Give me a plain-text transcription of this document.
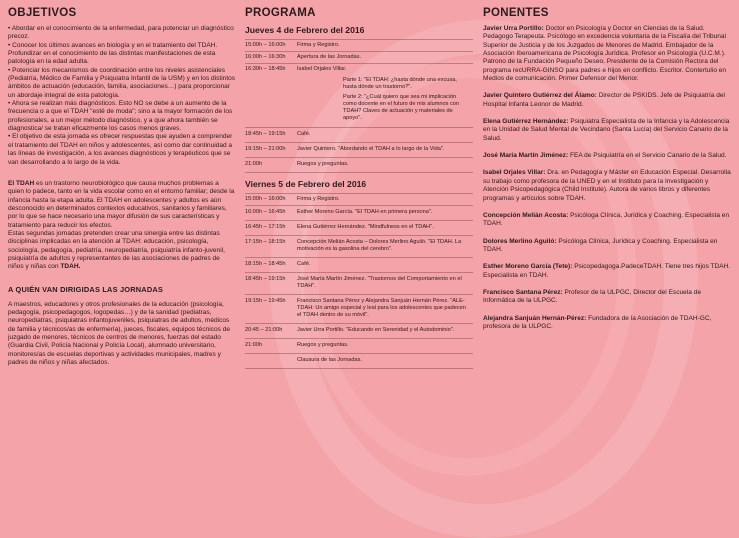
OBJETIVOS

• Abordar en el conocimiento de la enfermedad, para potenciar un diagnóstico precoz.

• Conocer los últimos avances en biología y en el tratamiento del TDAH.

Profundizar en el conocimiento de las distintas manifestaciones de esta patología en la edad adulta.

• Potenciar los mecanismos de coordinación entre los niveles asistenciales (Pediatría, Médico de Familia y Psiquiatra Infantil de la USM) y en los distintos ámbitos de actuación (educación, familia, asociaciones…) para proporcionar un abordaje integral de esta patología.

• Ahora se realizan más diagnósticos. Esto NO se debe a un aumento de la frecuencia o a que el TDAH "esté de moda"; sino a la mayor formación de los profesionales, a un mejor método diagnóstico, y a que ahora también se diagnostica/ se tratan eficazmente los casos menos graves.

• El objetivo de esta jornada es ofrecer respuestas que ayuden a comprender el tratamiento del TDAH en niños y adolescentes, así como dar continuidad a las líneas de investigación, a los avances diagnósticos y terapéuticos que se van desarrollando a lo largo de la vida.

El TDAH es un trastorno neurobiológico que causa muchos problemas a quien lo padece, tanto en la vida escolar como en el entorno familiar; desde la infancia hasta la etapa adulta. El TDAH en adolescentes y adultos es aún desconocido en determinados contextos educativos, sanitarios y familiares, por lo que se hace necesario una mayor difusión de sus características y tratamiento para reducir los efectos.

Estas segundas jornadas pretenden crear una sinergia entre las distintas disciplinas implicadas en la atención al TDAH: educación, psicología, sociología, pedagogía, pediatría, neuropediatría, psiquiatría infanto-juvenil, psiquiatría de adultos y representantes de las asociaciones de padres de niños y niñas con TDAH.

A QUIÉN VAN DIRIGIDAS LAS JORNADAS
A maestros, educadores y otros profesionales de la educación (psicología, pedagogía, psicopedagogos, logopedas…) y de la sanidad (pediatras, neuropediatras, psiquiatras infantojuveniles, psiquiatras de adultos, médicos de familia y técnicos/as de enfermería), jueces, fiscales, equipos técnicos de juzgado de menores, técnicos de centros de menores, fuerzas del estado (Guardia Civil, Policía Nacional y Policía Local), alumnado universitario, monitores/as de escuelas deportivas y actividades municipales, madres y padres de niños y niñas afectados.
PROGRAMA
Jueves 4 de Febrero del 2016
15:00h – 16:00h	Firma y Registro.
16:00h – 16:30h	Apertura de las Jornadas.
16:30h – 18:45h	Isabel Orjales Villar.
Parte 1: "El TDAH: ¿hasta dónde una excusa, hasta dónde un trastorno?".
Parte 2: "¿Cuál quiero que sea mi implicación como docente en el futuro de mis alumnos con TDAH? Claves de actuación y materiales de apoyo".
18:45h – 19:15h	Café.
19:15h – 21:00h	Javier Quintero. "Abordando el TDAH a lo largo de la Vida".
21:00h	Ruegos y preguntas.
Viernes 5 de Febrero del 2016
15:00h – 16:00h	Firma y Registro.
16:00h – 16:45h	Esther Moreno García. "El TDAH en primera persona".
16:45h – 17:15h	Elena Gutiérrez Hernández. "Mindfulness en el TDAH".
17:15h – 18:15h	Concepción Melián Acosta – Dolores Merlino Aguiló. "El TDAH. La motivación es la gasolina del cerebro".
18:15h – 18:45h	Café.
18:45h – 19:15h	José María Martín Jiménez. "Trastornos del Comportamiento en el TDAH".
19:15h – 19:45h	Francisco Santana Pérez y Alejandra Sanjuán Hernán Pérez. "ALE-TDAH: Un amigo especial y leal para los adolescentes que padecen el TDAH dentro de su móvil".
20:45 – 21:00h	Javier Urra Portillo. "Educando en Serenidad y el Autodominio".
21:00h	Ruegos y preguntas.
Clausura de las Jornadas.
PONENTES

Javier Urra Portillo: Doctor en Psicología y Doctor en Ciencias de la Salud. Pedagogo Terapeuta. Psicólogo en excedencia voluntaria de la Fiscalía del Tribunal Superior de Justicia y de los Juzgados de Menores de Madrid. Embajador de la Asociación Iberoamericana de Psicología Jurídica. Profesor en Psicología (U.C.M.). Patrono de la Fundación Pequeño Deseo. Presidente de la Comisión Rectora del programa recURRA-GINSO para padres e hijos en conflicto. Escritor. Contertulio en Medios de comunicación. Primer Defensor del Menor.

Javier Quintero Gutiérrez del Álamo: Director de PSKIDS. Jefe de Psiquiatría del Hospital Infanta Leonor de Madrid.

Elena Gutiérrez Hernández: Psiquiatra Especialista de la Infancia y la Adolescencia en la Unidad de Salud Mental de Vecindario (Santa Lucía) del Servicio Canario de la Salud.

José María Martín Jiménez: FEA de Psiquiatría en el Servicio Canario de la Salud.

Isabel Orjales Villar: Dra. en Pedagogía y Máster en Educación Especial. Desarrolla su trabajo como profesora de la UNED y en el Instituto para la Investigación y Atención Psicopedagógica (Child Institute). Autora de varios libros y diferentes programas y artículos sobre TDAH.

Concepción Melián Acosta: Psicóloga Clínica, Jurídica y Coaching. Especialista en TDAH.

Dolores Merlino Aguiló: Psicóloga Clínica, Jurídica y Coaching. Especialista en TDAH.

Esther Moreno García (Tete): Psicopedagoga.PadeceTDAH. Tiene tres hijos TDAH. Especialista en TDAH.

Francisco Santana Pérez: Profesor de la ULPGC, Director del Escuela de Informática de la ULPGC.

Alejandra Sanjuán Hernán-Pérez: Fundadora de la Asociación de TDAH-GC, profesora de la ULPGC.
